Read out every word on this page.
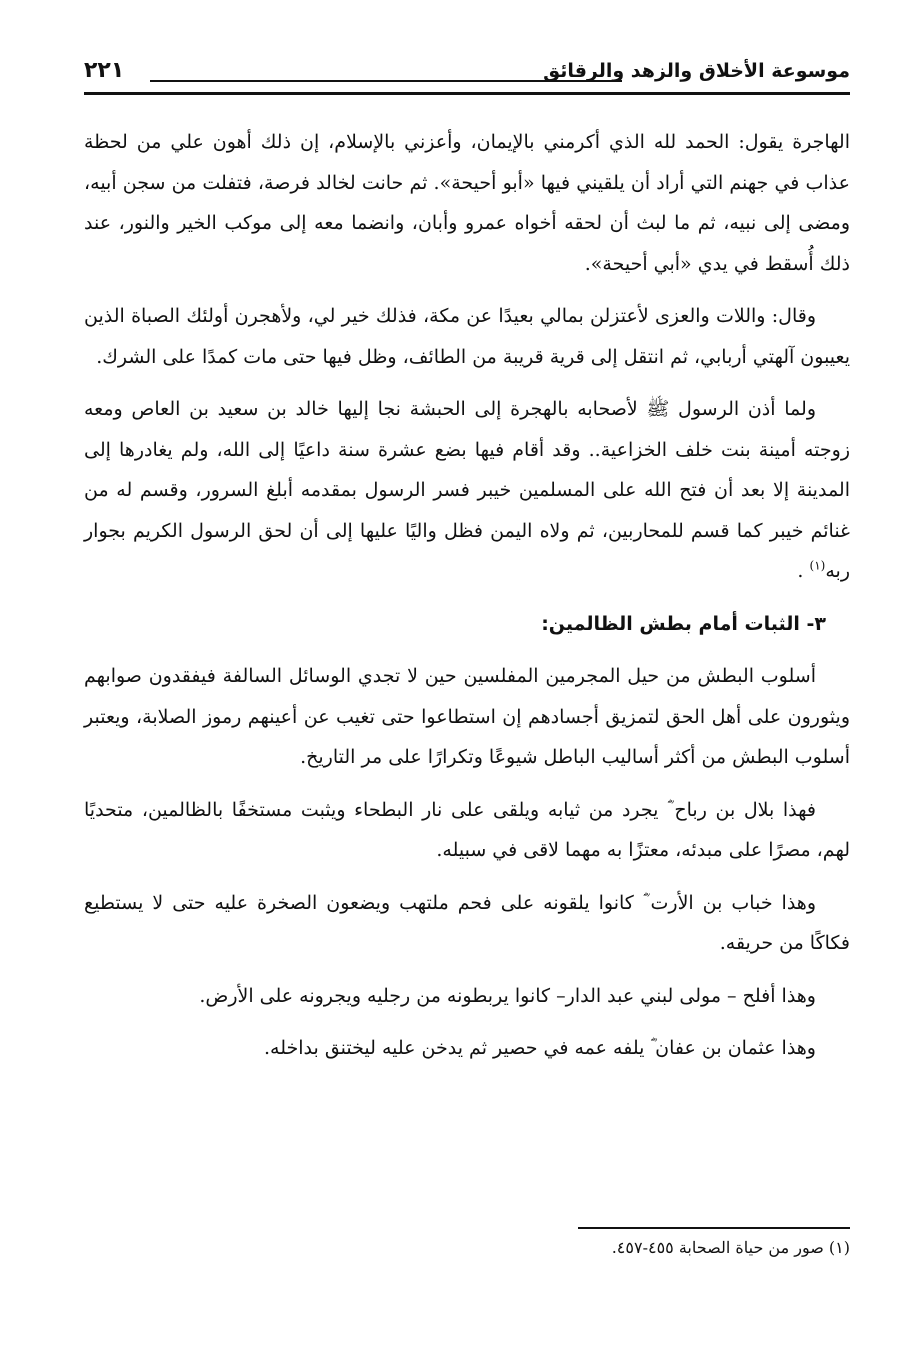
موسوعة الأخلاق والزهد والرقائق
٢٢١

الهاجرة يقول: الحمد لله الذي أكرمني بالإيمان، وأعزني بالإسلام، إن ذلك أهون علي من لحظة عذاب في جهنم التي أراد أن يلقيني فيها «أبو أحيحة». ثم حانت لخالد فرصة، فتفلت من سجن أبيه، ومضى إلى نبيه، ثم ما لبث أن لحقه أخواه عمرو وأبان، وانضما معه إلى موكب الخير والنور، عند ذلك أُسقط في يدي «أبي أحيحة».

وقال: واللات والعزى لأعتزلن بمالي بعيدًا عن مكة، فذلك خير لي، ولأهجرن أولئك الصباة الذين يعيبون آلهتي أربابي، ثم انتقل إلى قرية قريبة من الطائف، وظل فيها حتى مات كمدًا على الشرك.

ولما أذن الرسول ﷺ لأصحابه بالهجرة إلى الحبشة نجا إليها خالد بن سعيد بن العاص ومعه زوجته أمينة بنت خلف الخزاعية.. وقد أقام فيها بضع عشرة سنة داعيًا إلى الله، ولم يغادرها إلى المدينة إلا بعد أن فتح الله على المسلمين خيبر فسر الرسول بمقدمه أبلغ السرور، وقسم له من غنائم خيبر كما قسم للمحاربين، ثم ولاه اليمن فظل واليًا عليها إلى أن لحق الرسول الكريم بجوار ربه$^{(١)}$ .

٣- الثبات أمام بطش الظالمين:

أسلوب البطش من حيل المجرمين المفلسين حين لا تجدي الوسائل السالفة فيفقدون صوابهم ويثورون على أهل الحق لتمزيق أجسادهم إن استطاعوا حتى تغيب عن أعينهم رموز الصلابة، ويعتبر أسلوب البطش من أكثر أساليب الباطل شيوعًا وتكرارًا على مر التاريخ.

فهذا بلال بن رباح ؓ يجرد من ثيابه ويلقى على نار البطحاء ويثبت مستخفًا بالظالمين، متحديًا لهم، مصرًا على مبدئه، معتزًا به مهما لاقى في سبيله.

وهذا خباب بن الأرت ؓ كانوا يلقونه على فحم ملتهب ويضعون الصخرة عليه حتى لا يستطيع فكاكًا من حريقه.

وهذا أفلح – مولى لبني عبد الدار– كانوا يربطونه من رجليه ويجرونه على الأرض.

وهذا عثمان بن عفان ؓ يلفه عمه في حصير ثم يدخن عليه ليختنق بداخله.

(١) صور من حياة الصحابة ٤٥٥-٤٥٧.
